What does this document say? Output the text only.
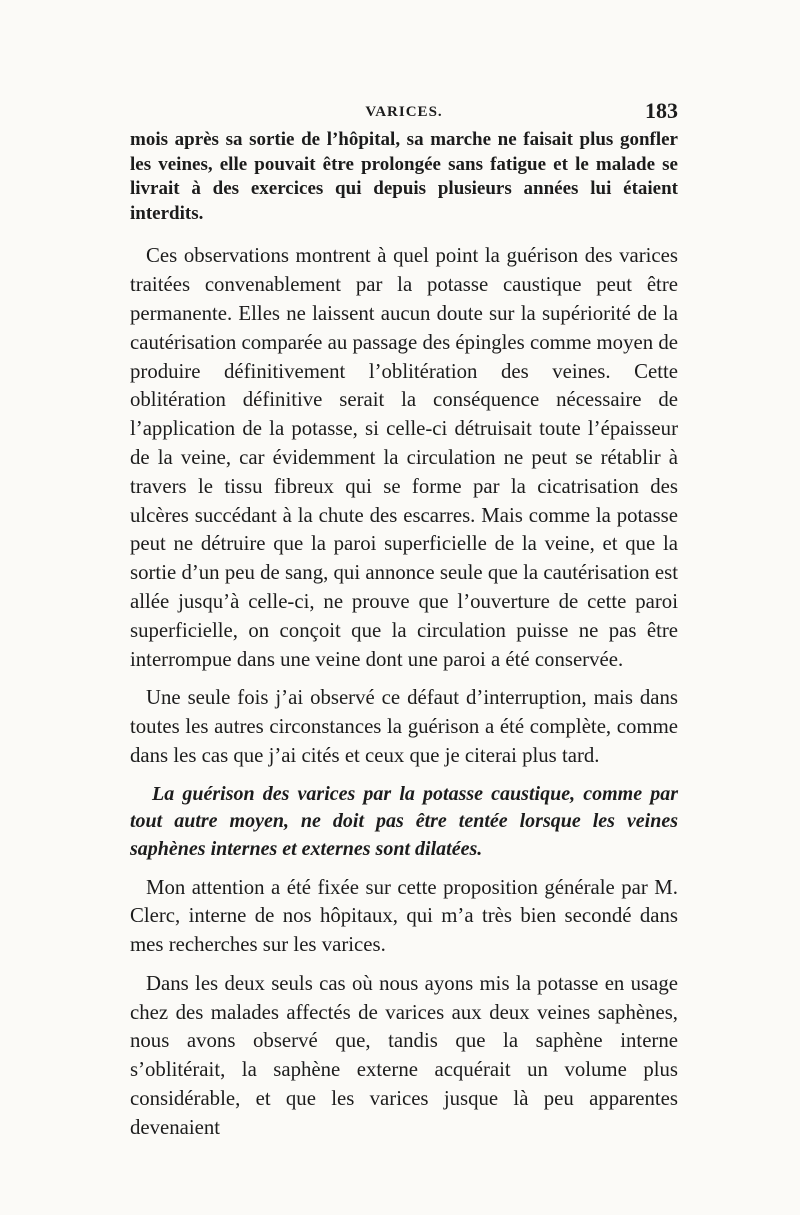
VARICES.	183

mois après sa sortie de l’hôpital, sa marche ne faisait plus gonfler les veines, elle pouvait être prolongée sans fatigue et le malade se livrait à des exercices qui depuis plusieurs années lui étaient interdits.

Ces observations montrent à quel point la guérison des varices traitées convenablement par la potasse caustique peut être permanente. Elles ne laissent aucun doute sur la supériorité de la cautérisation comparée au passage des épingles comme moyen de produire définitivement l’oblitération des veines. Cette oblitération définitive serait la conséquence nécessaire de l’application de la potasse, si celle-ci détruisait toute l’épaisseur de la veine, car évidemment la circulation ne peut se rétablir à travers le tissu fibreux qui se forme par la cicatrisation des ulcères succédant à la chute des escarres. Mais comme la potasse peut ne détruire que la paroi superficielle de la veine, et que la sortie d’un peu de sang, qui annonce seule que la cautérisation est allée jusqu’à celle-ci, ne prouve que l’ouverture de cette paroi superficielle, on conçoit que la circulation puisse ne pas être interrompue dans une veine dont une paroi a été conservée.

Une seule fois j’ai observé ce défaut d’interruption, mais dans toutes les autres circonstances la guérison a été complète, comme dans les cas que j’ai cités et ceux que je citerai plus tard.

La guérison des varices par la potasse caustique, comme par tout autre moyen, ne doit pas être tentée lorsque les veines saphènes internes et externes sont dilatées.

Mon attention a été fixée sur cette proposition générale par M. Clerc, interne de nos hôpitaux, qui m’a très bien secondé dans mes recherches sur les varices.

Dans les deux seuls cas où nous ayons mis la potasse en usage chez des malades affectés de varices aux deux veines saphènes, nous avons observé que, tandis que la saphène interne s’oblitérait, la saphène externe acquérait un volume plus considérable, et que les varices jusque là peu apparentes devenaient
